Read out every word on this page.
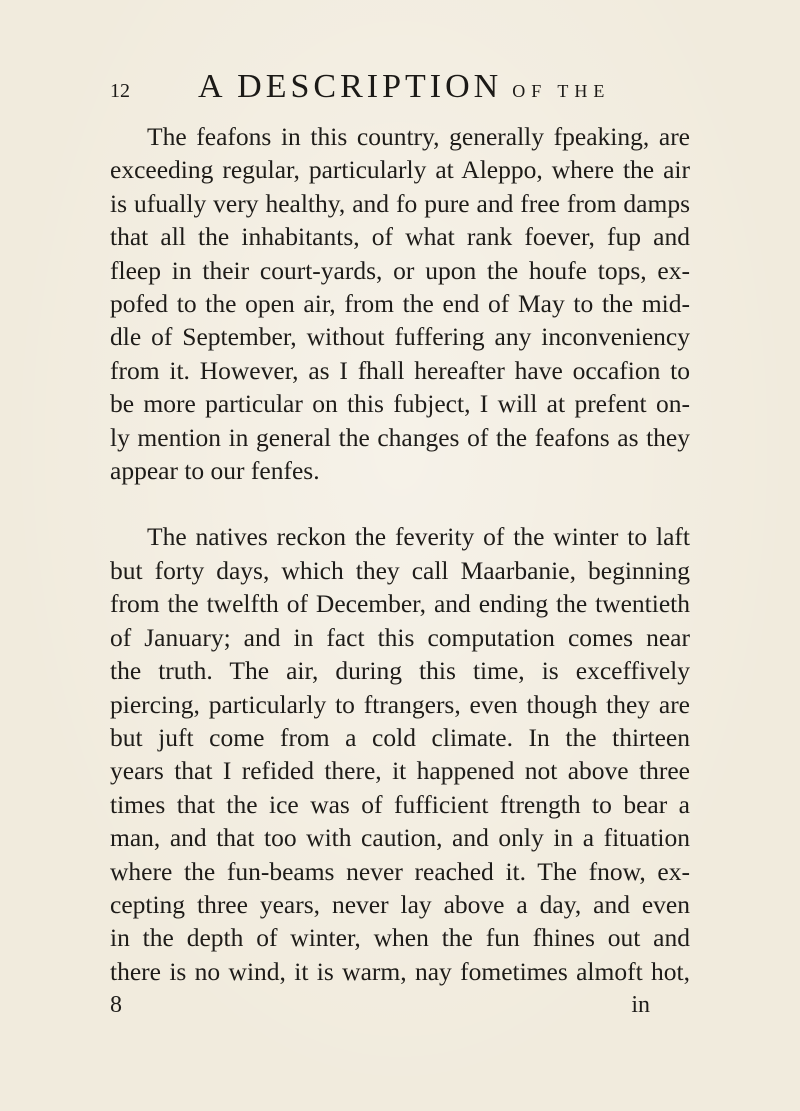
12 A DESCRIPTION OF THE
The feafons in this country, generally fpeaking, are
exceeding regular, particularly at Aleppo, where the air
is ufually very healthy, and fo pure and free from damps
that all the inhabitants, of what rank foever, fup and
fleep in their court-yards, or upon the houfe tops, ex-
pofed to the open air, from the end of May to the mid-
dle of September, without fuffering any inconveniency
from it. However, as I fhall hereafter have occafion to
be more particular on this fubject, I will at prefent on-
ly mention in general the changes of the feafons as they
appear to our fenfes.
The natives reckon the feverity of the winter to laft
but forty days, which they call Maarbanie, beginning
from the twelfth of December, and ending the twentieth
of January; and in fact this computation comes near
the truth. The air, during this time, is exceffively
piercing, particularly to ftrangers, even though they are
but juft come from a cold climate. In the thirteen
years that I refided there, it happened not above three
times that the ice was of fufficient ftrength to bear a
man, and that too with caution, and only in a fituation
where the fun-beams never reached it. The fnow, ex-
cepting three years, never lay above a day, and even
in the depth of winter, when the fun fhines out and
there is no wind, it is warm, nay fometimes almoft hot,
8	in
